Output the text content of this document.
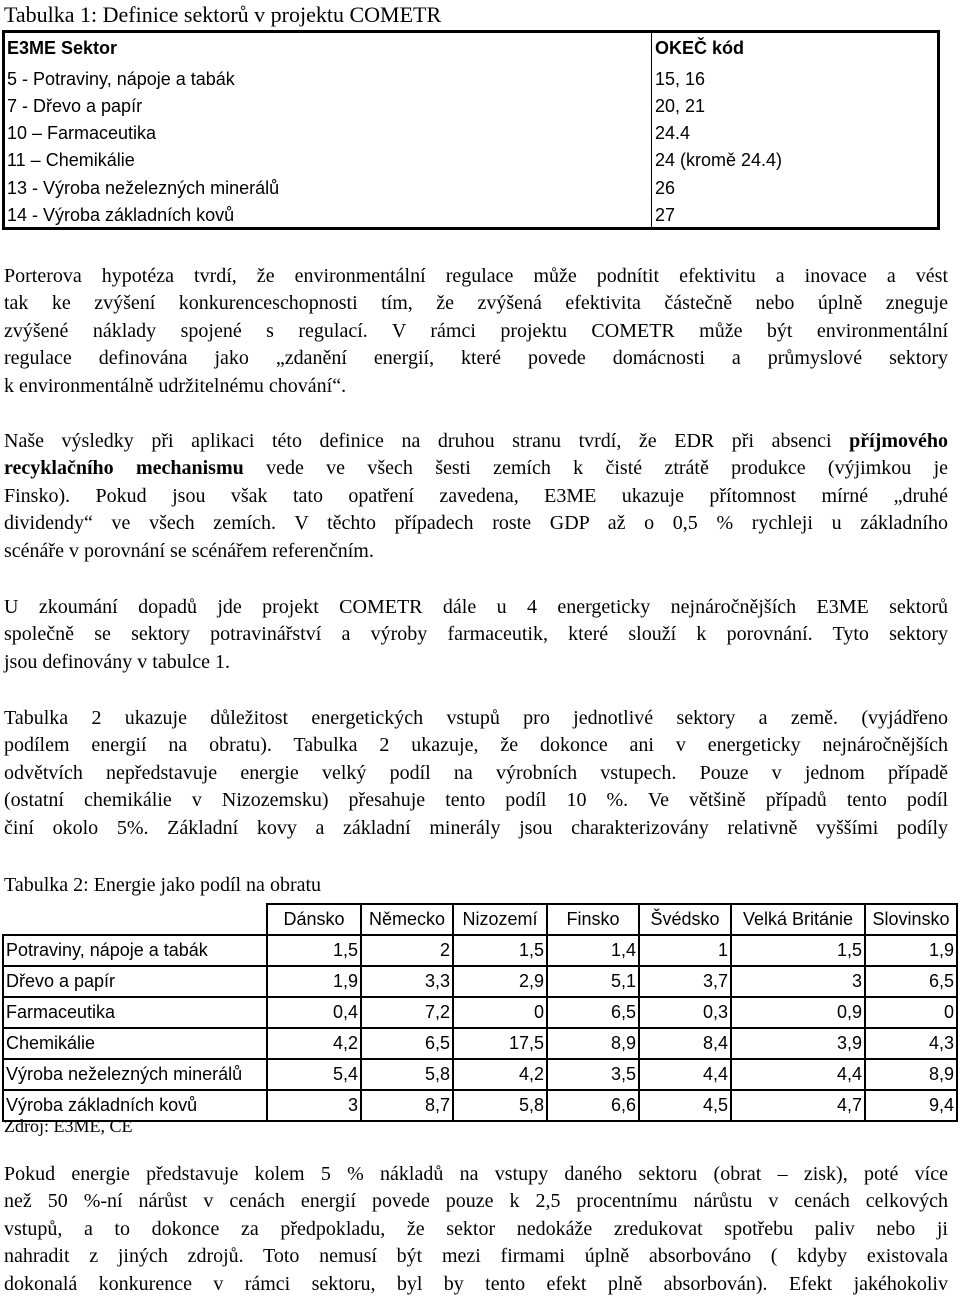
Tabulka 1: Definice sektorů v projektu COMETR
E3ME Sektor	OKEČ kód
5 - Potraviny, nápoje a tabák	15, 16
7 - Dřevo a papír	20, 21
10 – Farmaceutika	24.4
11 – Chemikálie	24 (kromě 24.4)
13 - Výroba neželezných minerálů	26
14 - Výroba základních kovů	27
Porterova hypotéza tvrdí, že environmentální regulace může podnítit efektivitu a inovace a vést
tak ke zvýšení konkurenceschopnosti tím, že zvýšená efektivita částečně nebo úplně zneguje
zvýšené náklady spojené s regulací. V rámci projektu COMETR může být environmentální
regulace definována jako „zdanění energií, které povede domácnosti a průmyslové sektory
k environmentálně udržitelnému chování“.
Naše výsledky při aplikaci této definice na druhou stranu tvrdí, že EDR při absenci příjmového
recyklačního mechanismu vede ve všech šesti zemích k čisté ztrátě produkce (výjimkou je
Finsko). Pokud jsou však tato opatření zavedena, E3ME ukazuje přítomnost mírné „druhé
dividendy“ ve všech zemích. V těchto případech roste GDP až o 0,5 % rychleji u základního
scénáře v porovnání se scénářem referenčním.
U zkoumání dopadů jde projekt COMETR dále u 4 energeticky nejnáročnějších E3ME sektorů
společně se sektory potravinářství a výroby farmaceutik, které slouží k porovnání. Tyto sektory
jsou definovány v tabulce 1.
Tabulka 2 ukazuje důležitost energetických vstupů pro jednotlivé sektory a země. (vyjádřeno
podílem energií na obratu). Tabulka 2 ukazuje, že dokonce ani v energeticky nejnáročnějších
odvětvích nepředstavuje energie velký podíl na výrobních vstupech. Pouze v jednom případě
(ostatní chemikálie v Nizozemsku) přesahuje tento podíl 10 %. Ve většině případů tento podíl
činí okolo 5%. Základní kovy a základní minerály jsou charakterizovány relativně vyššími podíly
Tabulka 2: Energie jako podíl na obratu
	Dánsko	Německo	Nizozemí	Finsko	Švédsko	Velká Británie	Slovinsko
Potraviny, nápoje a tabák	1,5	2	1,5	1,4	1	1,5	1,9
Dřevo a papír	1,9	3,3	2,9	5,1	3,7	3	6,5
Farmaceutika	0,4	7,2	0	6,5	0,3	0,9	0
Chemikálie	4,2	6,5	17,5	8,9	8,4	3,9	4,3
Výroba neželezných minerálů	5,4	5,8	4,2	3,5	4,4	4,4	8,9
Výroba základních kovů	3	8,7	5,8	6,6	4,5	4,7	9,4
Zdroj: E3ME, CE
Pokud energie představuje kolem 5 % nákladů na vstupy daného sektoru (obrat – zisk), poté více
než 50 %-ní nárůst v cenách energií povede pouze k 2,5 procentnímu nárůstu v cenách celkových
vstupů, a to dokonce za předpokladu, že sektor nedokáže zredukovat spotřebu paliv nebo ji
nahradit z jiných zdrojů. Toto nemusí být mezi firmami úplně absorbováno ( kdyby existovala
dokonalá konkurence v rámci sektoru, byl by tento efekt plně absorbován). Efekt jakéhokoliv
